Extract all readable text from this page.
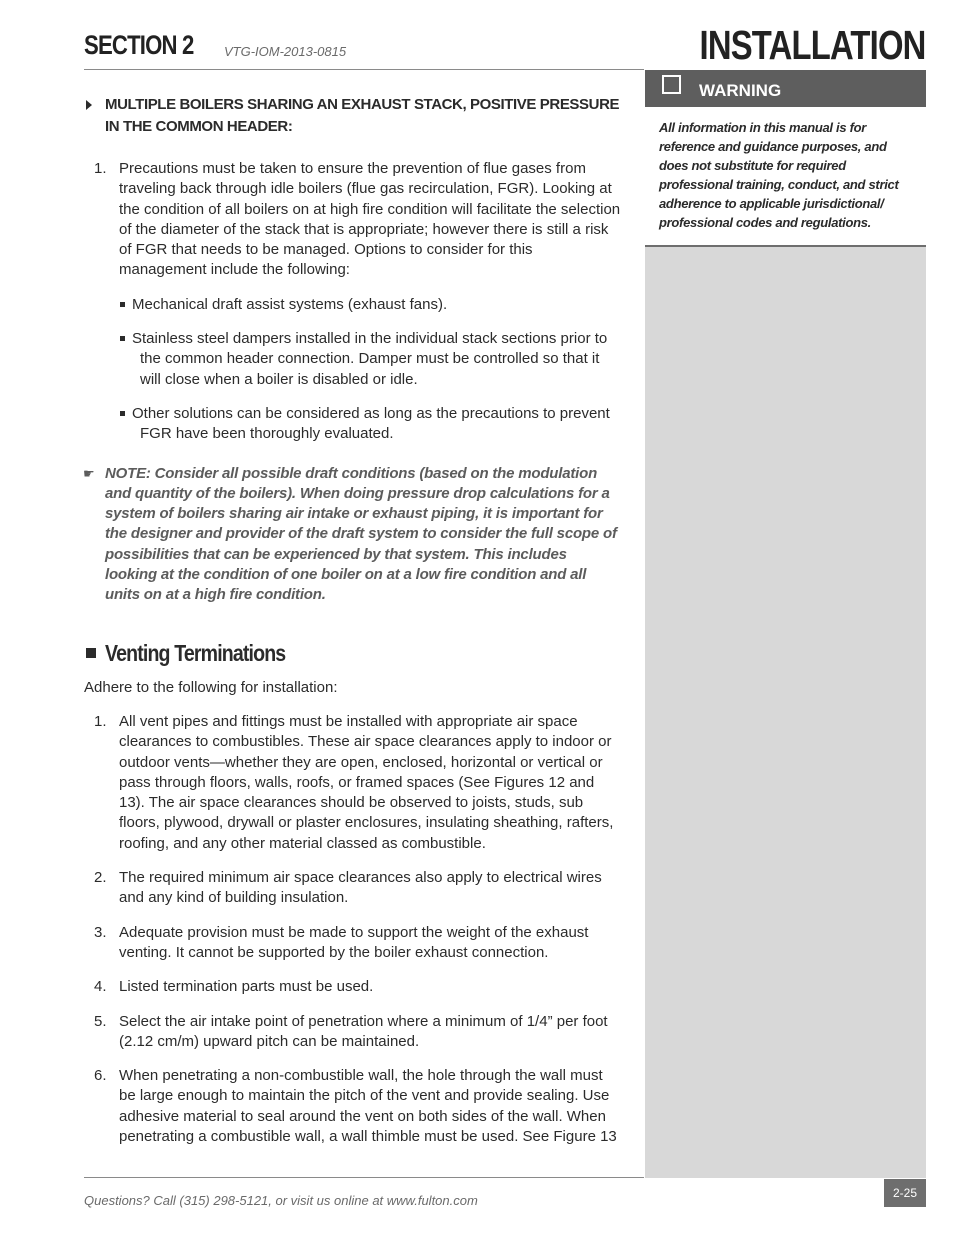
SECTION 2 VTG-IOM-2013-0815	INSTALLATION
WARNING
All information in this manual is for reference and guidance purposes, and does not substitute for required professional training, conduct, and strict adherence to applicable jurisdictional/ professional codes and regulations.
MULTIPLE BOILERS SHARING AN EXHAUST STACK, POSITIVE PRESSURE IN THE COMMON HEADER:
1. Precautions must be taken to ensure the prevention of flue gases from traveling back through idle boilers (flue gas recirculation, FGR). Looking at the condition of all boilers on at high fire condition will facilitate the selection of the diameter of the stack that is appropriate; however there is still a risk of FGR that needs to be managed. Options to consider for this management include the following:
Mechanical draft assist systems (exhaust fans).
Stainless steel dampers installed in the individual stack sections prior to the common header connection. Damper must be controlled so that it will close when a boiler is disabled or idle.
Other solutions can be considered as long as the precautions to prevent FGR have been thoroughly evaluated.
☛ NOTE: Consider all possible draft conditions (based on the modulation and quantity of the boilers). When doing pressure drop calculations for a system of boilers sharing air intake or exhaust piping, it is important for the designer and provider of the draft system to consider the full scope of possibilities that can be experienced by that system. This includes looking at the condition of one boiler on at a low fire condition and all units on at a high fire condition.
Venting Terminations
Adhere to the following for installation:
1. All vent pipes and fittings must be installed with appropriate air space clearances to combustibles. These air space clearances apply to indoor or outdoor vents—whether they are open, enclosed, horizontal or vertical or pass through floors, walls, roofs, or framed spaces (See Figures 12 and 13). The air space clearances should be observed to joists, studs, sub floors, plywood, drywall or plaster enclosures, insulating sheathing, rafters, roofing, and any other material classed as combustible.
2. The required minimum air space clearances also apply to electrical wires and any kind of building insulation.
3. Adequate provision must be made to support the weight of the exhaust venting. It cannot be supported by the boiler exhaust connection.
4. Listed termination parts must be used.
5. Select the air intake point of penetration where a minimum of 1/4” per foot (2.12 cm/m) upward pitch can be maintained.
6. When penetrating a non-combustible wall, the hole through the wall must be large enough to maintain the pitch of the vent and provide sealing. Use adhesive material to seal around the vent on both sides of the wall. When penetrating a combustible wall, a wall thimble must be used. See Figure 13
Questions? Call (315) 298-5121, or visit us online at www.fulton.com	2-25
